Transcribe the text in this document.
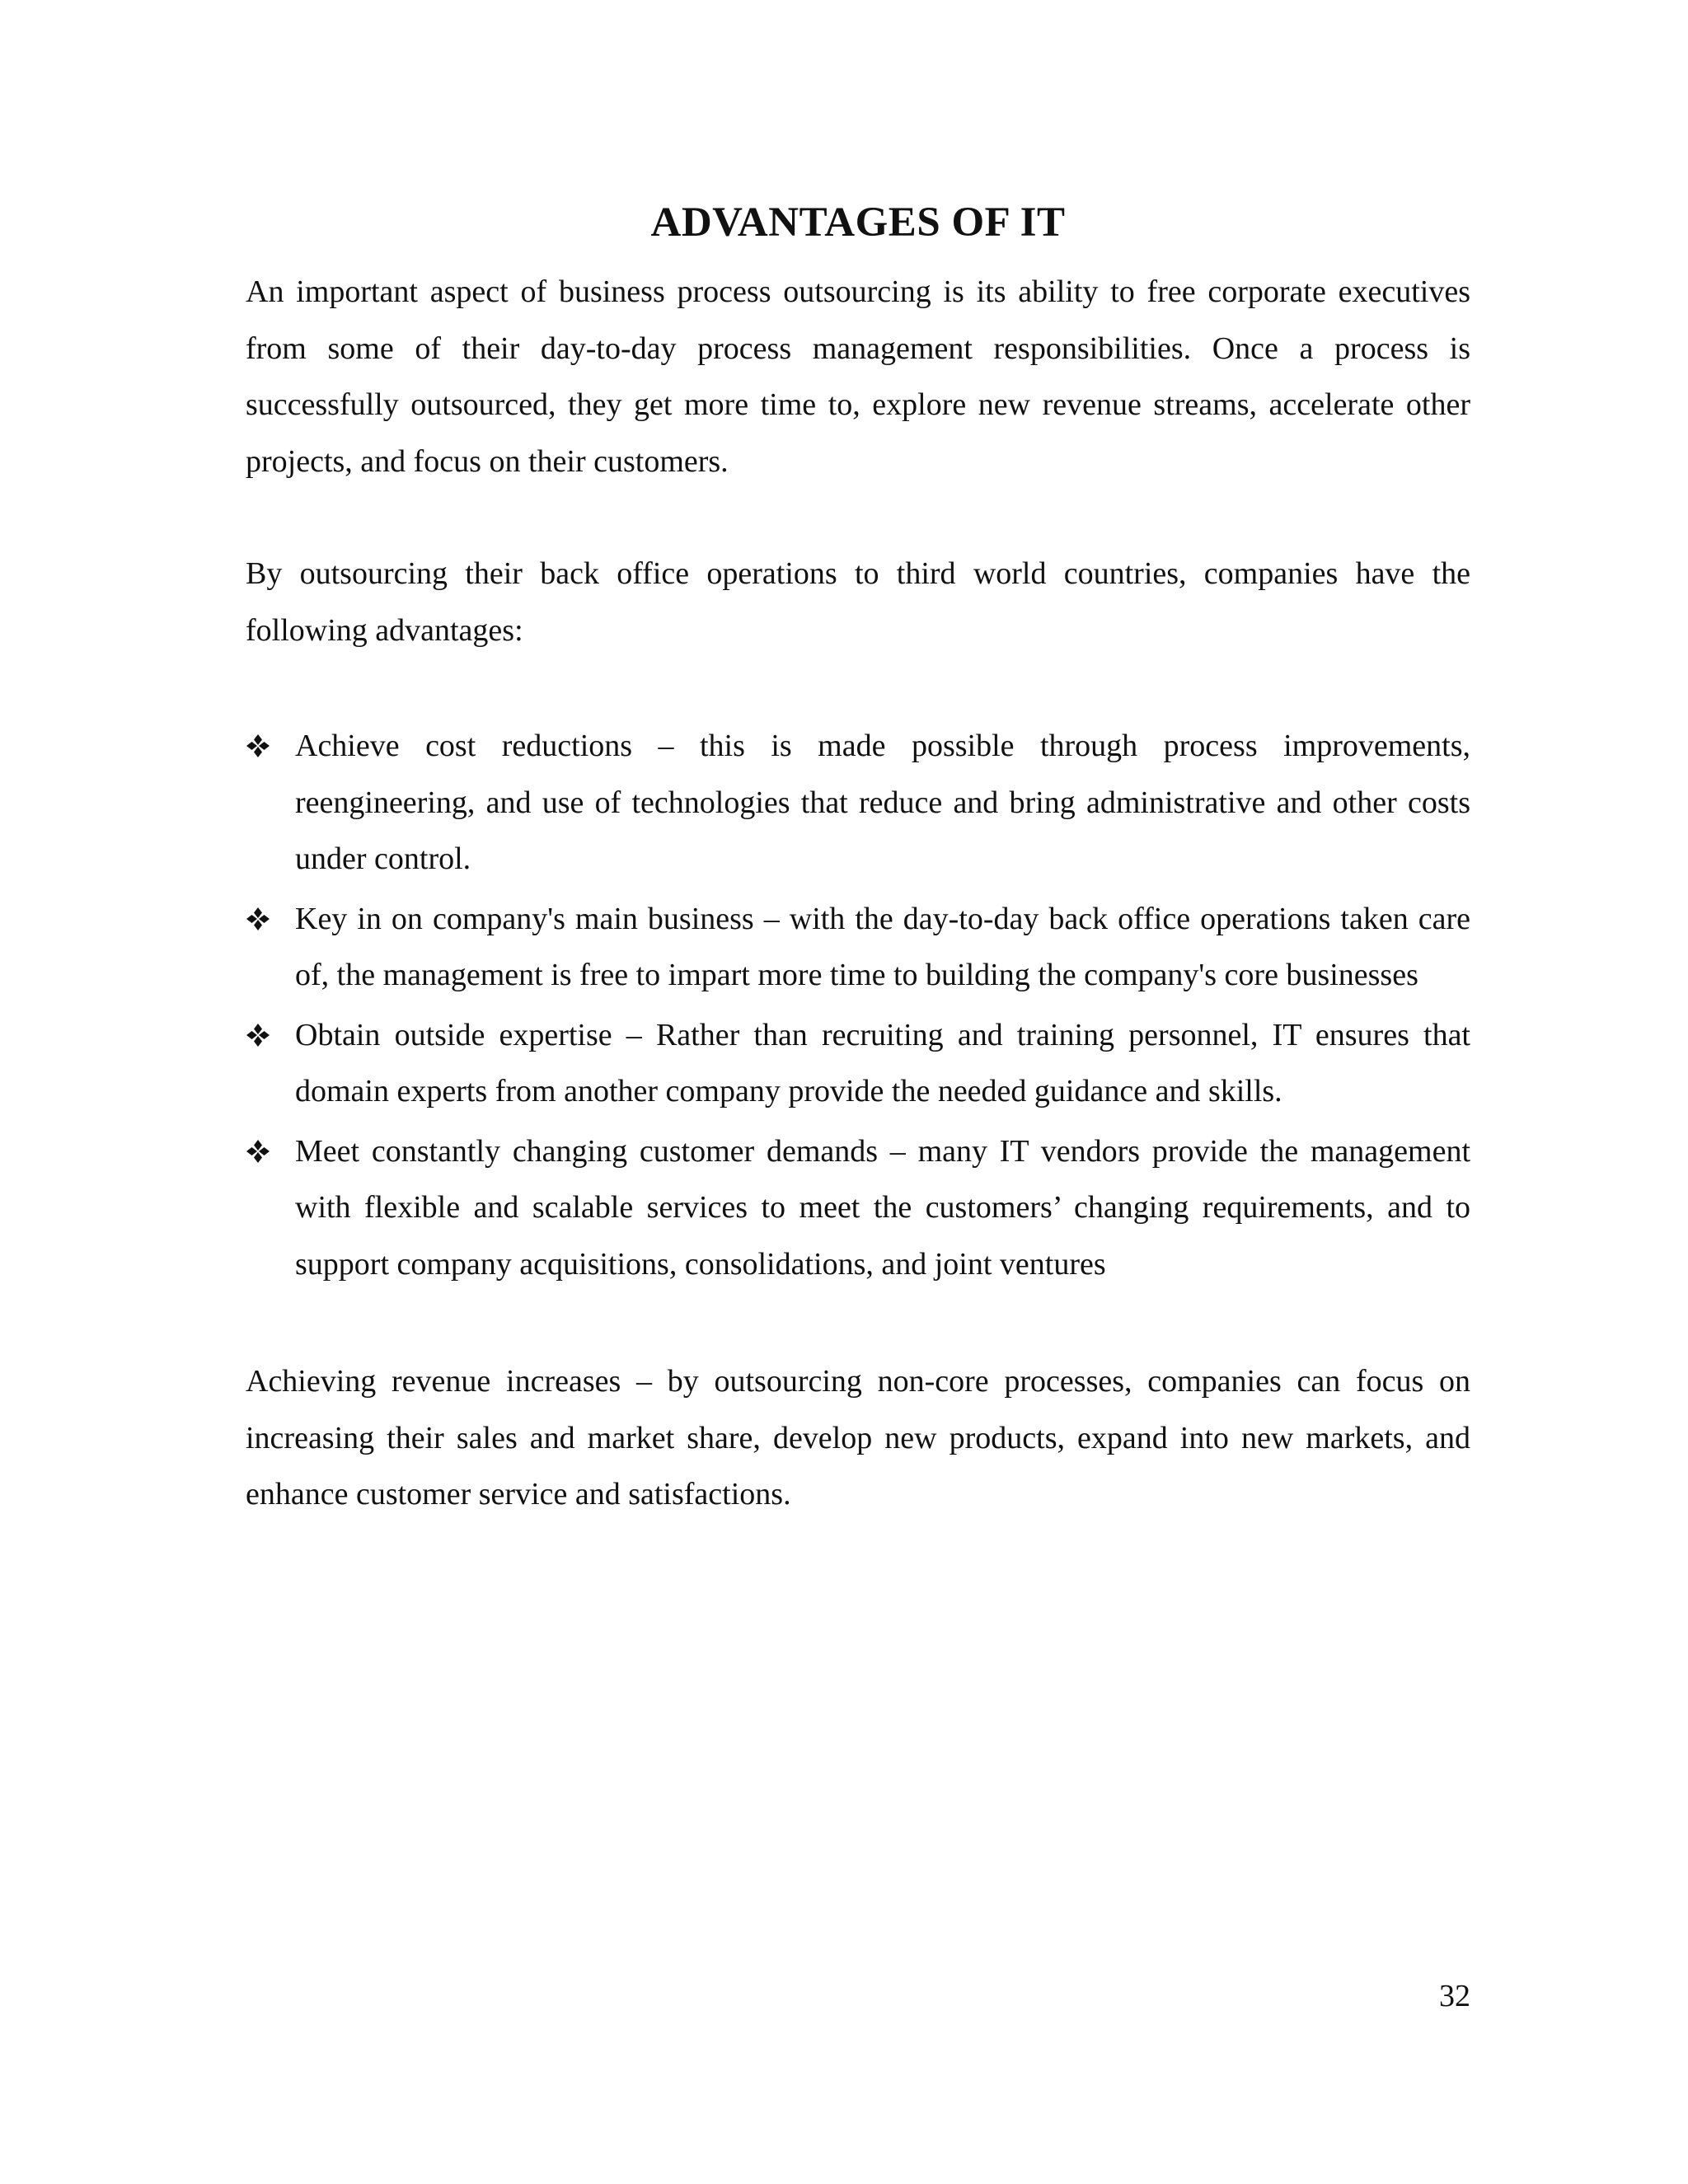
ADVANTAGES OF IT

An important aspect of business process outsourcing is its ability to free corporate executives from some of their day-to-day process management responsibilities. Once a process is successfully outsourced, they get more time to, explore new revenue streams, accelerate other projects, and focus on their customers.

By outsourcing their back office operations to third world countries, companies have the following advantages:

Achieve cost reductions – this is made possible through process improvements, reengineering, and use of technologies that reduce and bring administrative and other costs under control.
Key in on company's main business – with the day-to-day back office operations taken care of, the management is free to impart more time to building the company's core businesses
Obtain outside expertise – Rather than recruiting and training personnel, IT ensures that domain experts from another company provide the needed guidance and skills.
Meet constantly changing customer demands – many IT vendors provide the management with flexible and scalable services to meet the customers’ changing requirements, and to support company acquisitions, consolidations, and joint ventures

Achieving revenue increases – by outsourcing non-core processes, companies can focus on increasing their sales and market share, develop new products, expand into new markets, and enhance customer service and satisfactions.

32
